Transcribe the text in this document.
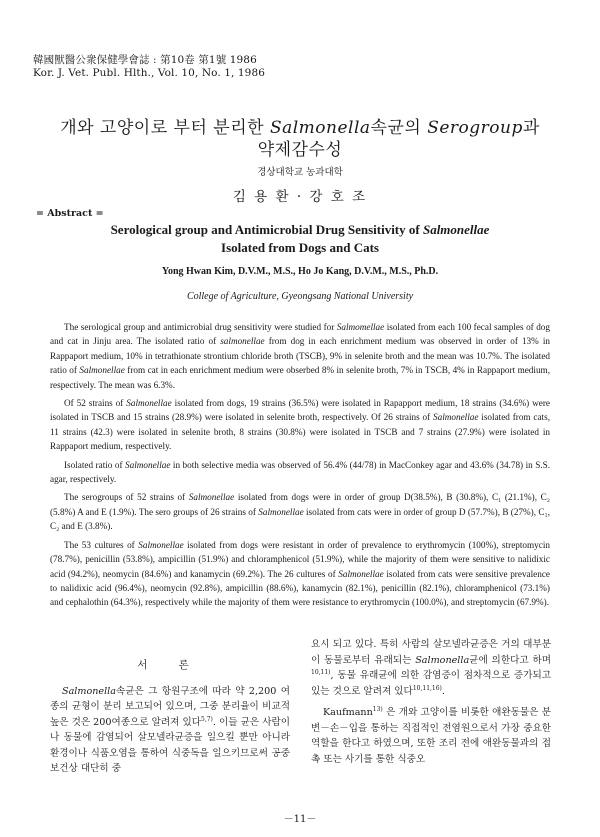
韓國獸醫公衆保健學會誌 : 第10卷 第1號 1986
Kor. J. Vet. Publ. Hlth., Vol. 10, No. 1, 1986
개와 고양이로 부터 분리한 Salmonella속균의 Serogroup과
약제감수성
경상대학교 농과대학
김 용 환 · 강 호 조
= Abstract =
Serological group and Antimicrobial Drug Sensitivity of Salmonellae
Isolated from Dogs and Cats
Yong Hwan Kim, D.V.M., M.S., Ho Jo Kang, D.V.M., M.S., Ph.D.
College of Agriculture, Gyeongsang National University

The serological group and antimicrobial drug sensitivity were studied for Salmomellae isolated from each 100 fecal samples of dog and cat in Jinju area. The isolated ratio of salmonellae from dog in each enrichment medium was observed in order of 13% in Rappaport medium, 10% in tetrathionate strontium chloride broth (TSCB), 9% in selenite broth and the mean was 10.7%. The isolated ratio of Salmonellae from cat in each enrichment medium were obserbed 8% in selenite broth, 7% in TSCB, 4% in Rappaport medium, respectively. The mean was 6.3%.

Of 52 strains of Salmonellae isolated from dogs, 19 strains (36.5%) were isolated in Rapapport medium, 18 strains (34.6%) were isolated in TSCB and 15 strains (28.9%) were isolated in selenite broth, respectively. Of 26 strains of Salmonellae isolated from cats, 11 strains (42.3) were isolated in selenite broth, 8 strains (30.8%) were isolated in TSCB and 7 strains (27.9%) were isolated in Rappaport medium, respectively.

Isolated ratio of Salmonellae in both selective media was observed of 56.4% (44/78) in MacConkey agar and 43.6% (34.78) in S.S. agar, respectively.

The serogroups of 52 strains of Salmonellae isolated from dogs were in order of group D(38.5%), B (30.8%), C₁ (21.1%), C₂ (5.8%) A and E (1.9%). The sero groups of 26 strains of Salmonellae isolated from cats were in order of group D (57.7%), B (27%), C₁, C₂ and E (3.8%).

The 53 cultures of Salmonellae isolated from dogs were resistant in order of prevalence to erythromycin (100%), streptomycin (78.7%), penicillin (53.8%), ampicillin (51.9%) and chloramphenicol (51.9%), while the majority of them were sensitive to nalidixic acid (94.2%), neomycin (84.6%) and kanamycin (69.2%). The 26 cultures of Salmonellae isolated from cats were sensitive prevalence to nalidixic acid (96.4%), neomycin (92.8%), ampicillin (88.6%), kanamycin (82.1%), penicillin (82.1%), chloramphenicol (73.1%) and cephalothin (64.3%), respectively while the majority of them were resistance to erythromycin (100.0%), and streptomycin (67.9%).

서 론

Salmonella속균은 그 항원구조에 따라 약 2,200 여종의 균형이 분리 보고되어 있으며, 그중 분리율이 비교적 높은 것은 200여종으로 알려져 있다$^{5,7)}$. 이들 균은 사람이나 동물에 감염되어 살모넬라균증을 일으킬 뿐만 아니라 환경이나 식품오염을 통하여 식중독을 일으키므로써 공중보건상 대단히 중

요시 되고 있다. 특히 사람의 살모넬라균증은 거의 대부분이 동물로부터 유래되는 Salmonella균에 의한다고 하며$^{10,11)}$, 동물 유래균에 의한 감염증이 점차적으로 증가되고 있는 것으로 알려져 있다$^{10,11,16)}$.

Kaufmann$^{13)}$ 은 개와 고양이를 비롯한 애완동물은 분변－손－입을 통하는 직접적인 전염원으로서 가장 중요한 역할을 한다고 하였으며, 또한 조리 전에 애완동물과의 접촉 또는 사기를 통한 식중오

－11－
